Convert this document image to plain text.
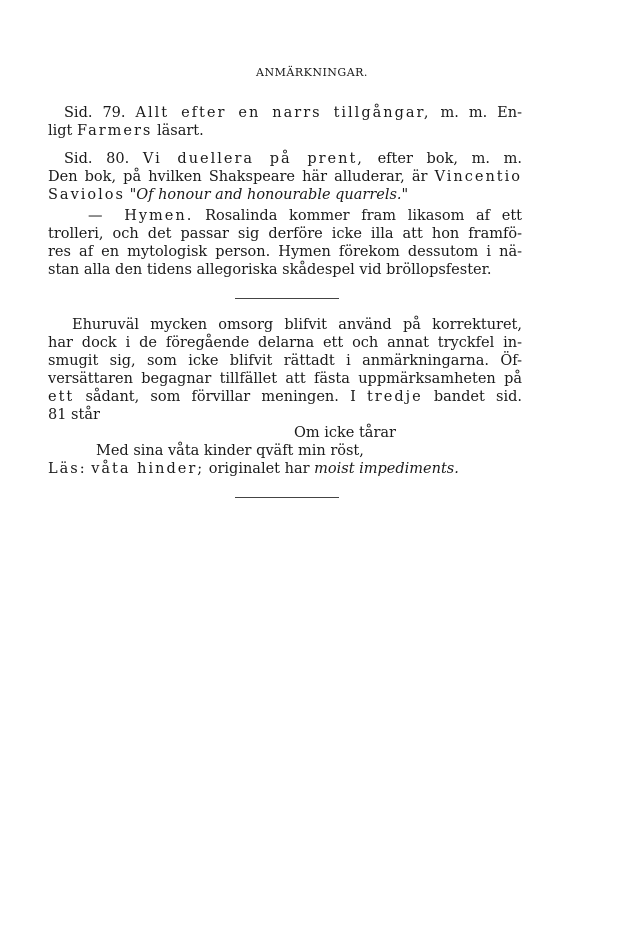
ANMÄRKNINGAR.
Sid. 79. Allt efter en narrs tillgångar, m. m. En-
ligt Farmers läsart.
Sid. 80. Vi duellera på prent, efter bok, m. m.
Den bok, på hvilken Shakspeare här alluderar, är Vincentio
Saviolos "Of honour and honourable quarrels."
— Hymen. Rosalinda kommer fram likasom af ett
trolleri, och det passar sig derföre icke illa att hon framfö-
res af en mytologisk person. Hymen förekom dessutom i nä-
stan alla den tidens allegoriska skådespel vid bröllopsfester.
Ehuruväl mycken omsorg blifvit använd på korrekturet,
har dock i de föregående delarna ett och annat tryckfel in-
smugit sig, som icke blifvit rättadt i anmärkningarna. Öf-
versättaren begagnar tillfället att fästa uppmärksamheten på
ett sådant, som förvillar meningen. I tredje bandet sid.
81 står
Om icke tårar
Med sina våta kinder qväft min röst,
Läs: våta hinder; originalet har moist impediments.
